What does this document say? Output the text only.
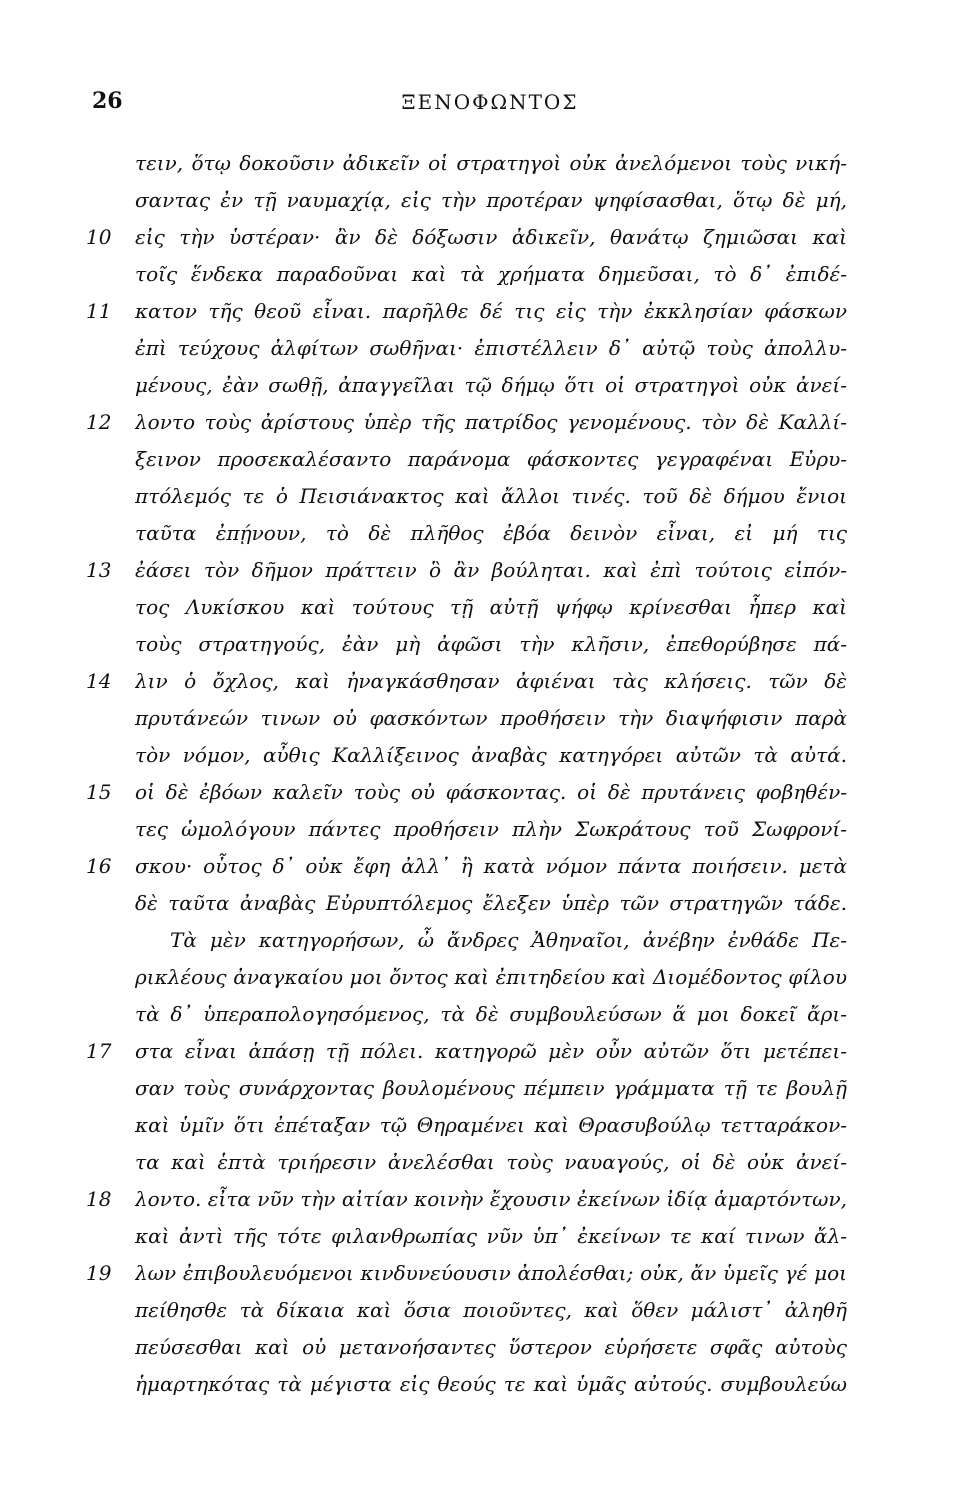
26	ΞΕΝΟΦΩΝΤΟΣ
τειν, ὅτῳ δοκοῦσιν ἀδικεῖν οἱ στρατηγοὶ οὐκ ἀνελόμενοι τοὺς νική-
σαντας ἐν τῇ ναυμαχίᾳ, εἰς τὴν προτέραν ψηφίσασθαι, ὅτῳ δὲ μή,
10	εἰς τὴν ὑστέραν· ἂν δὲ δόξωσιν ἀδικεῖν, θανάτῳ ζημιῶσαι καὶ
τοῖς ἕνδεκα παραδοῦναι καὶ τὰ χρήματα δημεῦσαι, τὸ δ᾽ ἐπιδέ-
11	κατον τῆς θεοῦ εἶναι. παρῆλθε δέ τις εἰς τὴν ἐκκλησίαν φάσκων
ἐπὶ τεύχους ἀλφίτων σωθῆναι· ἐπιστέλλειν δ᾽ αὐτῷ τοὺς ἀπολλυ-
μένους, ἐὰν σωθῇ, ἀπαγγεῖλαι τῷ δήμῳ ὅτι οἱ στρατηγοὶ οὐκ ἀνεί-
12	λοντο τοὺς ἀρίστους ὑπὲρ τῆς πατρίδος γενομένους. τὸν δὲ Καλλί-
ξεινον προσεκαλέσαντο παράνομα φάσκοντες γεγραφέναι Εὐρυ-
πτόλεμός τε ὁ Πεισιάνακτος καὶ ἄλλοι τινές. τοῦ δὲ δήμου ἔνιοι
ταῦτα ἐπῄνουν, τὸ δὲ πλῆθος ἐβόα δεινὸν εἶναι, εἰ μή τις
13	ἐάσει τὸν δῆμον πράττειν ὃ ἂν βούληται. καὶ ἐπὶ τούτοις εἰπόν-
τος Λυκίσκου καὶ τούτους τῇ αὐτῇ ψήφῳ κρίνεσθαι ἧπερ καὶ
τοὺς στρατηγούς, ἐὰν μὴ ἀφῶσι τὴν κλῆσιν, ἐπεθορύβησε πά-
14	λιν ὁ ὄχλος, καὶ ἠναγκάσθησαν ἀφιέναι τὰς κλήσεις. τῶν δὲ
πρυτάνεών τινων οὐ φασκόντων προθήσειν τὴν διαψήφισιν παρὰ
τὸν νόμον, αὖθις Καλλίξεινος ἀναβὰς κατηγόρει αὐτῶν τὰ αὐτά.
15	οἱ δὲ ἐβόων καλεῖν τοὺς οὐ φάσκοντας. οἱ δὲ πρυτάνεις φοβηθέν-
τες ὡμολόγουν πάντες προθήσειν πλὴν Σωκράτους τοῦ Σωφρονί-
16	σκου· οὗτος δ᾽ οὐκ ἔφη ἀλλ᾽ ἢ κατὰ νόμον πάντα ποιήσειν. μετὰ
δὲ ταῦτα ἀναβὰς Εὐρυπτόλεμος ἔλεξεν ὑπὲρ τῶν στρατηγῶν τάδε.
Τὰ μὲν κατηγορήσων, ὦ ἄνδρες Ἀθηναῖοι, ἀνέβην ἐνθάδε Πε-
ρικλέους ἀναγκαίου μοι ὄντος καὶ ἐπιτηδείου καὶ Διομέδοντος φίλου
τὰ δ᾽ ὑπεραπολογησόμενος, τὰ δὲ συμβουλεύσων ἅ μοι δοκεῖ ἄρι-
17	στα εἶναι ἁπάσῃ τῇ πόλει. κατηγορῶ μὲν οὖν αὐτῶν ὅτι μετέπει-
σαν τοὺς συνάρχοντας βουλομένους πέμπειν γράμματα τῇ τε βουλῇ
καὶ ὑμῖν ὅτι ἐπέταξαν τῷ Θηραμένει καὶ Θρασυβούλῳ τετταράκον-
τα καὶ ἑπτὰ τριήρεσιν ἀνελέσθαι τοὺς ναυαγούς, οἱ δὲ οὐκ ἀνεί-
18	λοντο. εἶτα νῦν τὴν αἰτίαν κοινὴν ἔχουσιν ἐκείνων ἰδίᾳ ἁμαρτόντων,
καὶ ἀντὶ τῆς τότε φιλανθρωπίας νῦν ὑπ᾽ ἐκείνων τε καί τινων ἄλ-
19	λων ἐπιβουλευόμενοι κινδυνεύουσιν ἀπολέσθαι; οὐκ, ἄν ὑμεῖς γέ μοι
πείθησθε τὰ δίκαια καὶ ὅσια ποιοῦντες, καὶ ὅθεν μάλιστ᾽ ἀληθῆ
πεύσεσθαι καὶ οὐ μετανοήσαντες ὕστερον εὑρήσετε σφᾶς αὐτοὺς
ἡμαρτηκότας τὰ μέγιστα εἰς θεούς τε καὶ ὑμᾶς αὐτούς. συμβουλεύω
